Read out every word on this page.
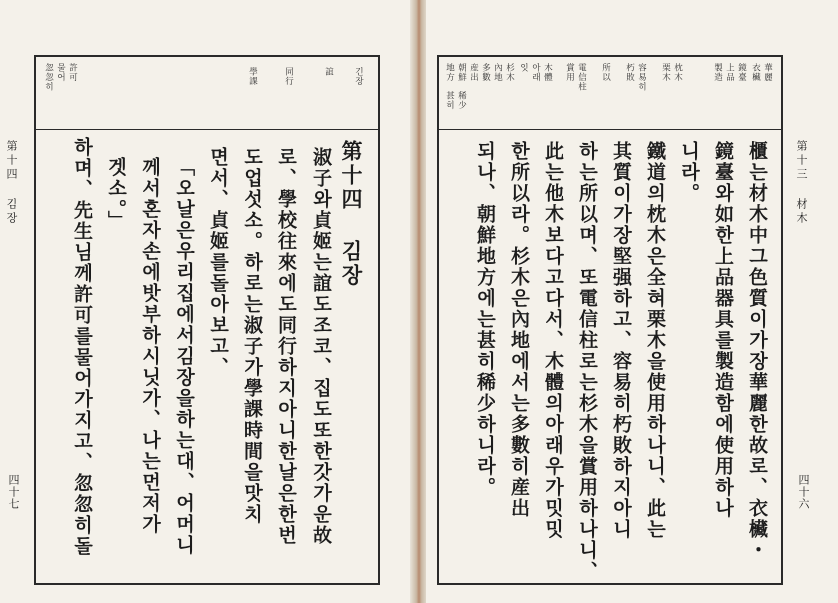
第十四 김장
四十七
긴장
誼
同行
學課
許可
물어
忽忽히
第十四 김장
淑子와貞姬는誼도조코、집도또한갓가운故
로、學校往來에도同行하지아니한날은한번
도업섯소。하로는淑子가學課時間을맛치
면서、貞姬를돌아보고、
「오날은우리집에서김장을하는대、어머니
께서혼자손에밧부하시닛가、나는먼저가
겟소。」
하며、先生님께許可를물어가지고、忽忽히돌	第十三 材木
四十六
華麗
衣欌
鏡臺
上品
製造
枕木
栗木
容易히
朽敗
所以
電信柱
賞用
木體
아래
잇
杉木
內地
多數
産出
朝鮮
地方
甚히 稀少
櫃는材木中그色質이가장華麗한故로、衣欌・
鏡臺와如한上品器具를製造함에使用하나
니라。
鐵道의枕木은全혀栗木을使用하나니、此는
其質이가장堅强하고、容易히朽敗하지아니
하는所以며、또電信柱로는杉木을賞用하나니、
此는他木보다고다서、木體의아래우가밋밋
한所以라。杉木은內地에서는多數히産出
되나、朝鮮地方에는甚히稀少하니라。
